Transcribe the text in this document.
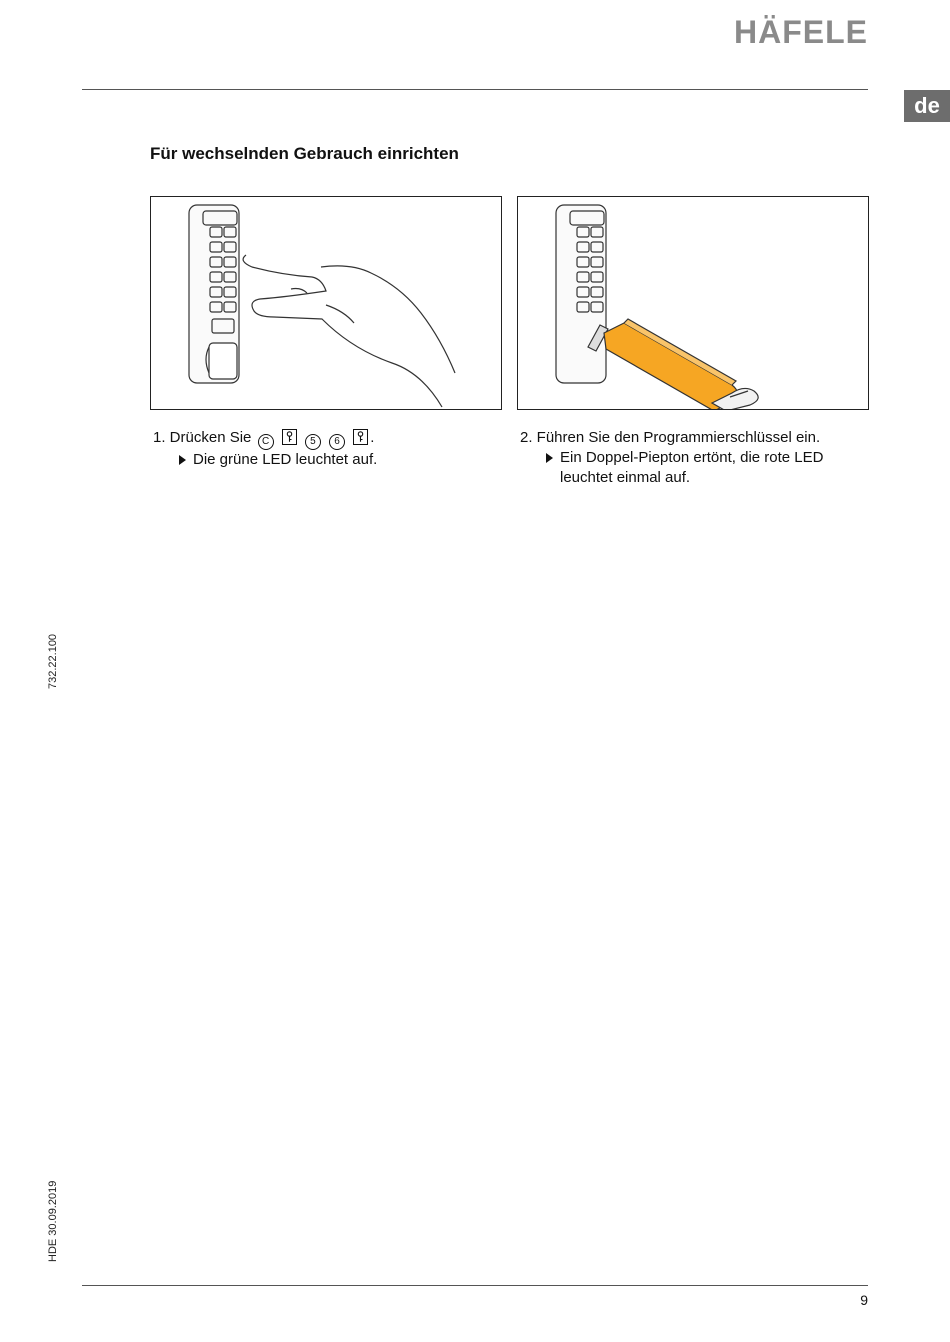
HÄFELE
de
Für wechselnden Gebrauch einrichten
1. Drücken Sie C	5 6 .
Die grüne LED leuchtet auf.
2. Führen Sie den Programmierschlüssel ein.
Ein Doppel-Piepton ertönt, die rote LED
leuchtet einmal auf.
732.22.100
HDE 30.09.2019
9
